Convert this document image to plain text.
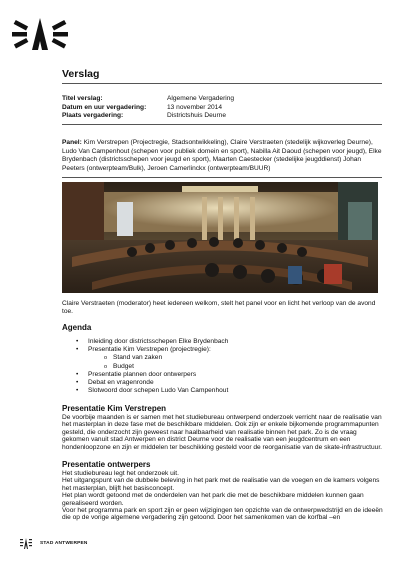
Verslag
Titel verslag:	Algemene Vergadering
Datum en uur vergadering:	13 november 2014
Plaats vergadering:	Districtshuis Deurne
Panel: Kim Verstrepen (Projectregie, Stadsontwikkeling), Claire Verstraeten (stedelijk wijkoverleg Deurne), Ludo Van Campenhout (schepen voor publiek domein en sport), Nabilla Ait Daoud (schepen voor jeugd), Elke Brydenbach (districtsschepen voor jeugd en sport), Maarten Caestecker (stedelijke jeugddienst) Johan Peeters (ontwerpteam/Bulk), Jeroen Camerlinckx (ontwerpteam/BUUR)
Claire Verstraeten (moderator) heet iedereen welkom, stelt het panel voor en licht het verloop van de avond toe.
Agenda
• Inleiding door districtsschepen Elke Brydenbach
• Presentatie Kim Verstrepen (projectregie):
o Stand van zaken
o Budget
• Presentatie plannen door ontwerpers
• Debat en vragenronde
• Slotwoord door schepen Ludo Van Campenhout
Presentatie Kim Verstrepen
De voorbije maanden is er samen met het studiebureau ontwerpend onderzoek verricht naar de realisatie van het masterplan in deze fase met de beschikbare middelen. Ook zijn er enkele bijkomende programmapunten gesteld, die onderzocht zijn geweest naar haalbaarheid van realisatie binnen het park. Zo is de vraag gekomen vanuit stad Antwerpen en district Deurne voor de realisatie van een jeugdcentrum en een hondenloopzone en zijn er middelen ter beschikking gesteld voor de reorganisatie van de skate-infrastructuur.
Presentatie ontwerpers
Het studiebureau legt het onderzoek uit.
Het uitgangspunt van de dubbele beleving in het park met de realisatie van de voegen en de kamers volgens het masterplan, blijft het basisconcept.
Het plan wordt getoond met de onderdelen van het park die met de beschikbare middelen kunnen gaan gerealiseerd worden.
Voor het programma park en sport zijn er geen wijzigingen ten opzichte van de ontwerpwedstrijd en de ideeën die op de vorige algemene vergadering zijn getoond. Door het samenkomen van de korfbal –en
STAD ANTWERPEN
